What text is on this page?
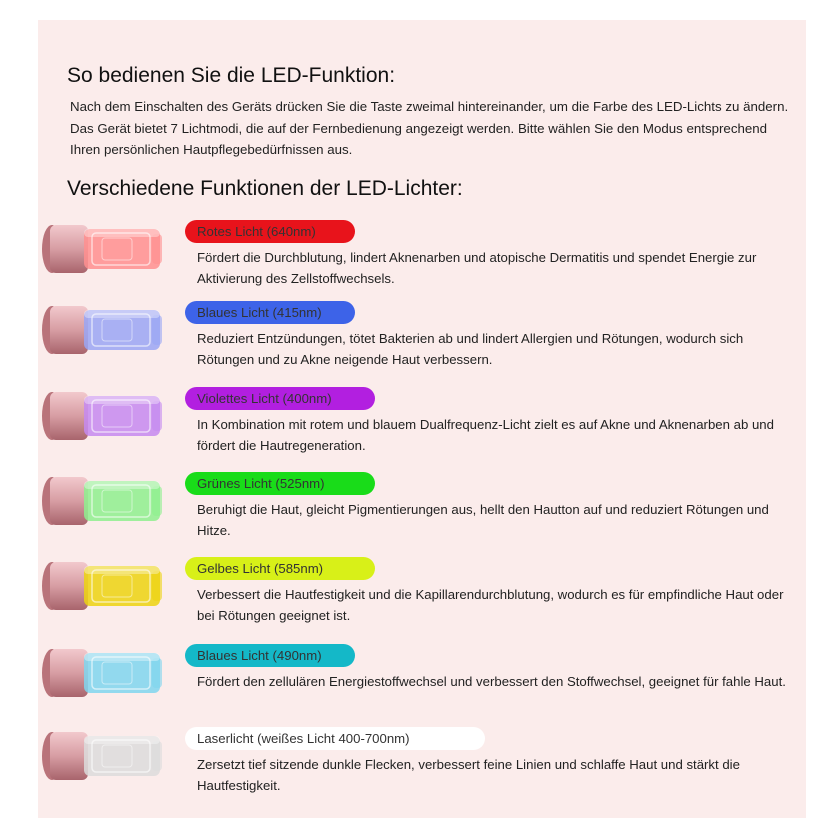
So bedienen Sie die LED-Funktion:
Nach dem Einschalten des Geräts drücken Sie die Taste zweimal hintereinander, um die Farbe des LED-Lichts zu ändern. Das Gerät bietet 7 Lichtmodi, die auf der Fernbedienung angezeigt werden. Bitte wählen Sie den Modus entsprechend Ihren persönlichen Hautpflegebedürfnissen aus.
Verschiedene Funktionen der LED-Lichter:
Rotes Licht (640nm)
Fördert die Durchblutung, lindert Aknenarben und atopische Dermatitis und spendet Energie zur Aktivierung des Zellstoffwechsels.
Blaues Licht (415nm)
Reduziert Entzündungen, tötet Bakterien ab und lindert Allergien und Rötungen, wodurch sich Rötungen und zu Akne neigende Haut verbessern.
Violettes Licht (400nm)
In Kombination mit rotem und blauem Dualfrequenz-Licht zielt es auf Akne und Aknenarben ab und fördert die Hautregeneration.
Grünes Licht (525nm)
Beruhigt die Haut, gleicht Pigmentierungen aus, hellt den Hautton auf und reduziert Rötungen und Hitze.
Gelbes Licht (585nm)
Verbessert die Hautfestigkeit und die Kapillarendurchblutung, wodurch es für empfindliche Haut oder bei Rötungen geeignet ist.
Blaues Licht (490nm)
Fördert den zellulären Energiestoffwechsel und verbessert den Stoffwechsel, geeignet für fahle Haut.
Laserlicht (weißes Licht 400-700nm)
Zersetzt tief sitzende dunkle Flecken, verbessert feine Linien und schlaffe Haut und stärkt die Hautfestigkeit.
